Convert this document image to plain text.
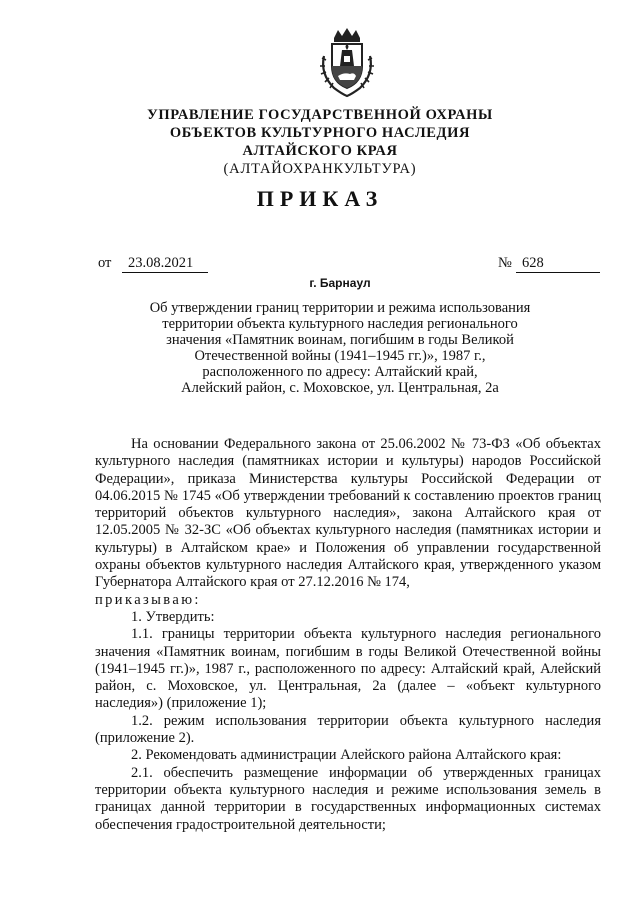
УПРАВЛЕНИЕ ГОСУДАРСТВЕННОЙ ОХРАНЫ
ОБЪЕКТОВ КУЛЬТУРНОГО НАСЛЕДИЯ
АЛТАЙСКОГО КРАЯ
(АЛТАЙОХРАНКУЛЬТУРА)
ПРИКАЗ
от	23.08.2021	№ 628
г. Барнаул
Об утверждении границ территории и режима использования
территории объекта культурного наследия регионального
значения «Памятник воинам, погибшим в годы Великой
Отечественной войны (1941–1945 гг.)», 1987 г.,
расположенного по адресу: Алтайский край,
Алейский район, с. Моховское, ул. Центральная, 2а

На основании Федерального закона от 25.06.2002 № 73-ФЗ «Об объектах культурного наследия (памятниках истории и культуры) народов Российской Федерации», приказа Министерства культуры Российской Федерации от 04.06.2015 № 1745 «Об утверждении требований к составлению проектов границ территорий объектов культурного наследия», закона Алтайского края от 12.05.2005 № 32-ЗС «Об объектах культурного наследия (памятниках истории и культуры) в Алтайском крае» и Положения об управлении государственной охраны объектов культурного наследия Алтайского края, утвержденного указом Губернатора Алтайского края от 27.12.2016 № 174,

приказываю:

1. Утвердить:

1.1. границы территории объекта культурного наследия регионального значения «Памятник воинам, погибшим в годы Великой Отечественной войны (1941–1945 гг.)», 1987 г., расположенного по адресу: Алтайский край, Алейский район, с. Моховское, ул. Центральная, 2а (далее – «объект культурного наследия») (приложение 1);

1.2. режим использования территории объекта культурного наследия (приложение 2).

2. Рекомендовать администрации Алейского района Алтайского края:

2.1. обеспечить размещение информации об утвержденных границах территории объекта культурного наследия и режиме использования земель в границах данной территории в государственных информационных системах обеспечения градостроительной деятельности;
